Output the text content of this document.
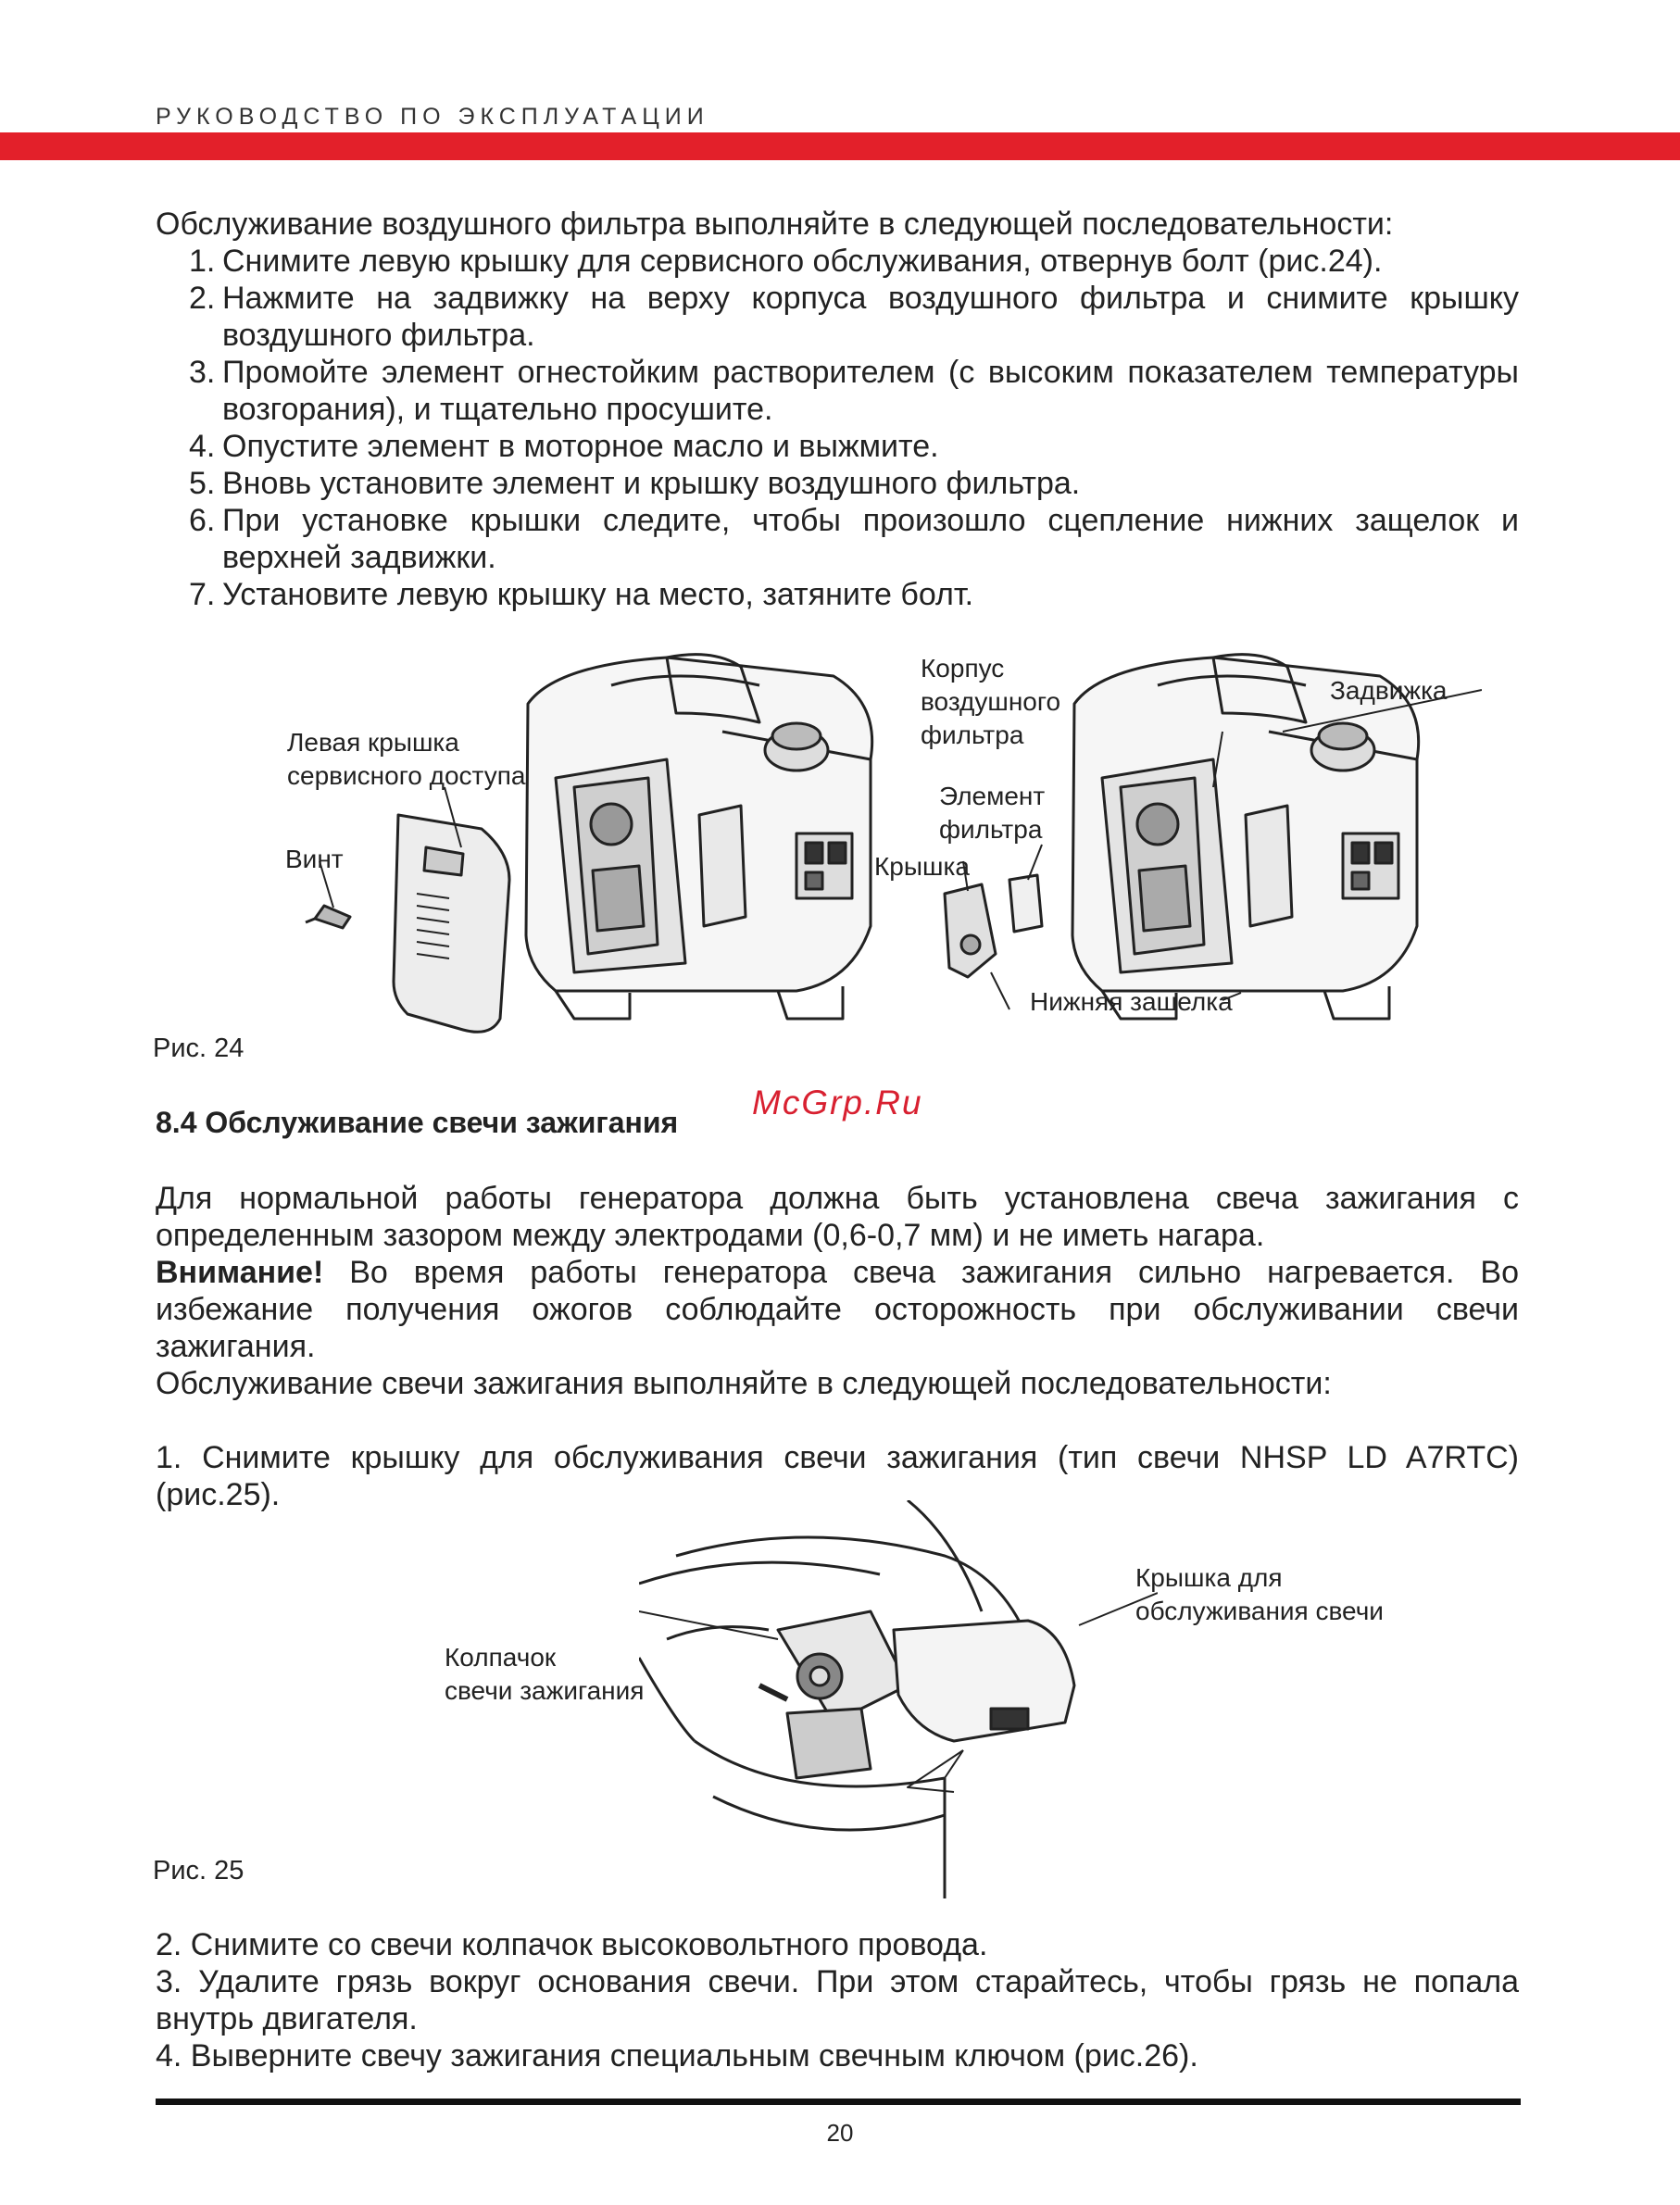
РУКОВОДСТВО ПО ЭКСПЛУАТАЦИИ
Обслуживание воздушного фильтра выполняйте в следующей последовательности:
1. Снимите левую крышку для сервисного обслуживания, отвернув болт (рис.24).
2. Нажмите на задвижку на верху корпуса воздушного фильтра и снимите крышку воздушного фильтра.
3. Промойте элемент огнестойким растворителем (с высоким показателем температуры возгорания), и тщательно просушите.
4. Опустите элемент в моторное масло и выжмите.
5. Вновь установите элемент и крышку воздушного фильтра.
6. При установке крышки следите, чтобы произошло сцепление нижних защелок и верхней задвижки.
7. Установите левую крышку на место, затяните болт.
Левая крышка
сервисного доступа
Винт
Корпус
воздушного
фильтра
Задвижка
Элемент
фильтра
Крышка
Нижняя защелка
Рис. 24
8.4 Обслуживание свечи зажигания
McGrp.Ru
Для нормальной работы генератора должна быть установлена свеча зажигания с определенным зазором между электродами (0,6-0,7 мм) и не иметь нагара.
Внимание! Во время работы генератора свеча зажигания сильно нагревается. Во избежание получения ожогов соблюдайте осторожность при обслуживании свечи зажигания.
Обслуживание свечи зажигания выполняйте в следующей последовательности:
1. Снимите крышку для обслуживания свечи зажигания (тип свечи NHSP LD A7RTC) (рис.25).
Колпачок
свечи зажигания
Крышка для
обслуживания свечи
Рис. 25
2. Снимите со свечи колпачок высоковольтного провода.
3. Удалите грязь вокруг основания свечи. При этом старайтесь, чтобы грязь не попала внутрь двигателя.
4. Выверните свечу зажигания специальным свечным ключом (рис.26).
20
